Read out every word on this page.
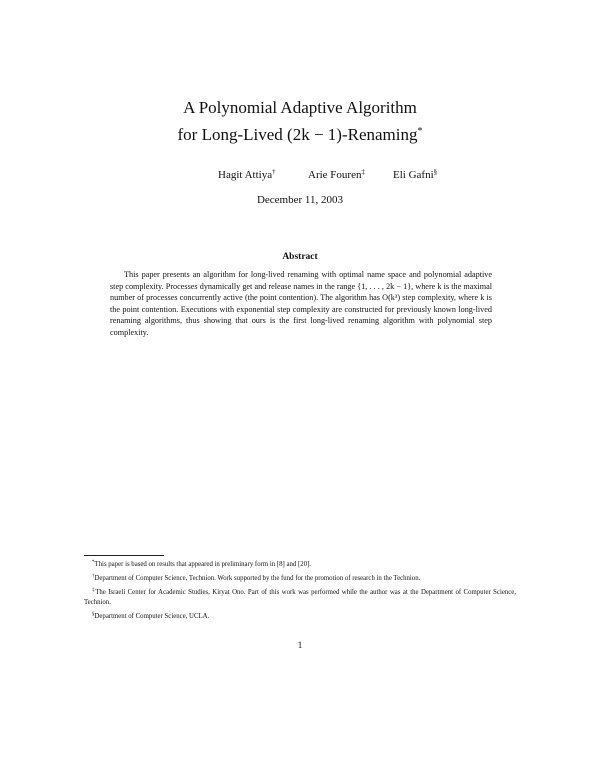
A Polynomial Adaptive Algorithm
for Long-Lived (2k − 1)-Renaming*
Hagit Attiya†	Arie Fouren‡	Eli Gafni§
December 11, 2003
Abstract
This paper presents an algorithm for long-lived renaming with optimal name space and polynomial adaptive step complexity. Processes dynamically get and release names in the range {1, . . . , 2k − 1}, where k is the maximal number of processes concurrently active (the point contention). The algorithm has O(k³) step complexity, where k is the point contention. Executions with exponential step complexity are constructed for previously known long-lived renaming algorithms, thus showing that ours is the first long-lived renaming algorithm with polynomial step complexity.

*This paper is based on results that appeared in preliminary form in [8] and [20].

†Department of Computer Science, Technion. Work supported by the fund for the promotion of research in the Technion.

‡The Israeli Center for Academic Studies, Kiryat Ono. Part of this work was performed while the author was at the Department of Computer Science, Technion.

§Department of Computer Science, UCLA.

1
